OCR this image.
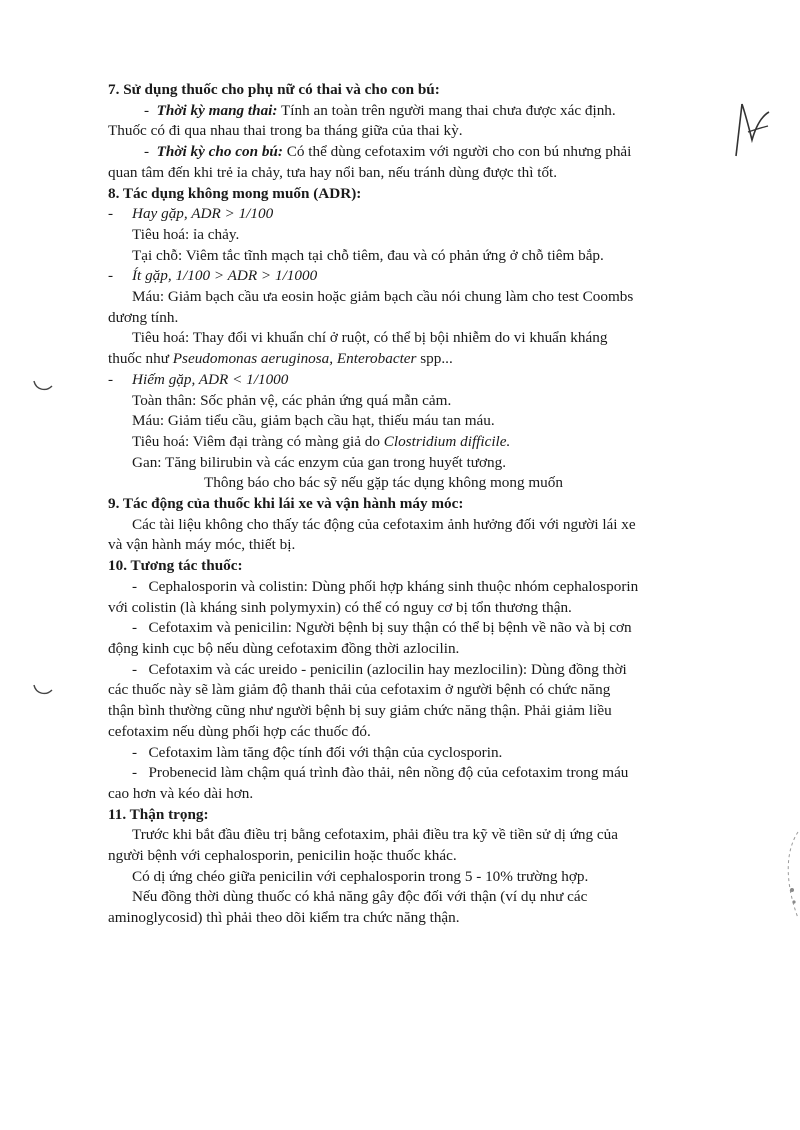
7. Sử dụng thuốc cho phụ nữ có thai và cho con bú:
-  Thời kỳ mang thai: Tính an toàn trên người mang thai chưa được xác định.
Thuốc có đi qua nhau thai trong ba tháng giữa của thai kỳ.
-  Thời kỳ cho con bú: Có thể dùng cefotaxim với người cho con bú nhưng phải
quan tâm đến khi trẻ ỉa chảy, tưa hay nổi ban, nếu tránh dùng được thì tốt.
8. Tác dụng không mong muốn (ADR):
- Hay gặp, ADR > 1/100
Tiêu hoá: ỉa chảy.
Tại chỗ: Viêm tắc tĩnh mạch tại chỗ tiêm, đau và có phản ứng ở chỗ tiêm bắp.
- Ít gặp, 1/100 > ADR > 1/1000
Máu: Giảm bạch cầu ưa eosin hoặc giảm bạch cầu nói chung làm cho test Coombs
dương tính.
Tiêu hoá: Thay đổi vi khuẩn chí ở ruột, có thể bị bội nhiễm do vi khuẩn kháng
thuốc như Pseudomonas aeruginosa, Enterobacter spp...
- Hiếm gặp, ADR < 1/1000
Toàn thân: Sốc phản vệ, các phản ứng quá mẫn cảm.
Máu: Giảm tiểu cầu, giảm bạch cầu hạt, thiếu máu tan máu.
Tiêu hoá: Viêm đại tràng có màng giả do Clostridium difficile.
Gan: Tăng bilirubin và các enzym của gan trong huyết tương.
Thông báo cho bác sỹ nếu gặp tác dụng không mong muốn
9. Tác động của thuốc khi lái xe và vận hành máy móc:
Các tài liệu không cho thấy tác động của cefotaxim ảnh hưởng đối với người lái xe
và vận hành máy móc, thiết bị.
10. Tương tác thuốc:
-   Cephalosporin và colistin: Dùng phối hợp kháng sinh thuộc nhóm cephalosporin
với colistin (là kháng sinh polymyxin) có thể có nguy cơ bị tổn thương thận.
-   Cefotaxim và penicilin: Người bệnh bị suy thận có thể bị bệnh về não và bị cơn
động kinh cục bộ nếu dùng cefotaxim đồng thời azlocilin.
-   Cefotaxim và các ureido - penicilin (azlocilin hay mezlocilin): Dùng đồng thời
các thuốc này sẽ làm giảm độ thanh thải của cefotaxim ở người bệnh có chức năng
thận bình thường cũng như người bệnh bị suy giảm chức năng thận. Phải giảm liều
cefotaxim nếu dùng phối hợp các thuốc đó.
-   Cefotaxim làm tăng độc tính đối với thận của cyclosporin.
-   Probenecid làm chậm quá trình đào thải, nên nồng độ của cefotaxim trong máu
cao hơn và kéo dài hơn.
11. Thận trọng:
Trước khi bắt đầu điều trị bằng cefotaxim, phải điều tra kỹ về tiền sử dị ứng của
người bệnh với cephalosporin, penicilin hoặc thuốc khác.
Có dị ứng chéo giữa penicilin với cephalosporin trong 5 - 10% trường hợp.
Nếu đồng thời dùng thuốc có khả năng gây độc đối với thận (ví dụ như các
aminoglycosid) thì phải theo dõi kiểm tra chức năng thận.
